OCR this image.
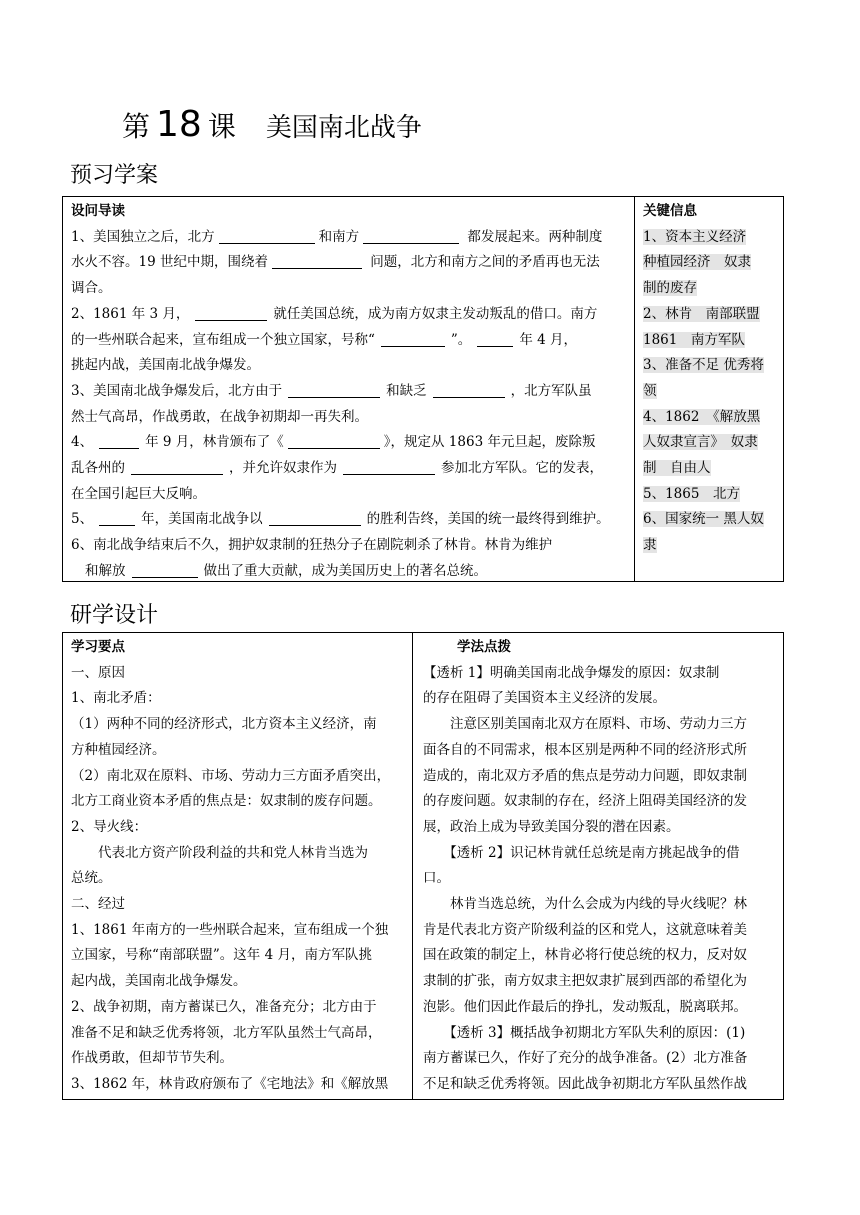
第 18 课 美国南北战争
预习学案
设问导读
1、美国独立之后，北方	和南方	都发展起来。两种制度
水火不容。19 世纪中期，围绕着	问题，北方和南方之间的矛盾再也无法
调合。
2、1861 年 3 月，	就任美国总统，成为南方奴隶主发动叛乱的借口。南方
的一些州联合起来，宣布组成一个独立国家，号称“	”。	年 4 月，
挑起内战，美国南北战争爆发。
3、美国南北战争爆发后，北方由于	和缺乏	，北方军队虽
然士气高昂，作战勇敢，在战争初期却一再失利。
4、	年 9 月，林肯颁布了《	》，规定从 1863 年元旦起，废除叛
乱各州的	，并允许奴隶作为	参加北方军队。它的发表，
在全国引起巨大反响。
5、	年，美国南北战争以	的胜利告终，美国的统一最终得到维护。
6、南北战争结束后不久，拥护奴隶制的狂热分子在剧院刺杀了林肯。林肯为维护
和解放	做出了重大贡献，成为美国历史上的著名总统。
关键信息
1、资本主义经济
种植园经济　奴隶
制的废存
2、林肯　南部联盟
1861　南方军队
3、准备不足 优秀将
领
4、1862　《解放黑
人奴隶宣言》　奴隶
制　自由人
5、1865　北方
6、国家统一 黑人奴
隶
研学设计
学习要点
一、原因
1、南北矛盾：
（1）两种不同的经济形式，北方资本主义经济，南
方种植园经济。
（2）南北双在原料、市场、劳动力三方面矛盾突出，
北方工商业资本矛盾的焦点是：奴隶制的废存问题。
2、导火线：
　　代表北方资产阶段利益的共和党人林肯当选为
总统。
二、经过
1、1861 年南方的一些州联合起来，宣布组成一个独
立国家，号称“南部联盟”。这年 4 月，南方军队挑
起内战，美国南北战争爆发。
2、战争初期，南方蓄谋已久，准备充分；北方由于
准备不足和缺乏优秀将领，北方军队虽然士气高昂，
作战勇敢，但却节节失利。
3、1862 年，林肯政府颁布了《宅地法》和《解放黑
学法点拨
【透析 1】明确美国南北战争爆发的原因：奴隶制
的存在阻碍了美国资本主义经济的发展。
　　注意区别美国南北双方在原料、市场、劳动力三方
面各自的不同需求，根本区别是两种不同的经济形式所
造成的，南北双方矛盾的焦点是劳动力问题，即奴隶制
的存废问题。奴隶制的存在，经济上阻碍美国经济的发
展，政治上成为导致美国分裂的潜在因素。
　　【透析 2】识记林肯就任总统是南方挑起战争的借
口。
　　林肯当选总统，为什么会成为内线的导火线呢？林
肯是代表北方资产阶级利益的区和党人，这就意味着美
国在政策的制定上，林肯必将行使总统的权力，反对奴
隶制的扩张，南方奴隶主把奴隶扩展到西部的希望化为
泡影。他们因此作最后的挣扎，发动叛乱，脱离联邦。
　　【透析 3】概括战争初期北方军队失利的原因：(1)
南方蓄谋已久，作好了充分的战争准备。(2）北方准备
不足和缺乏优秀将领。因此战争初期北方军队虽然作战
